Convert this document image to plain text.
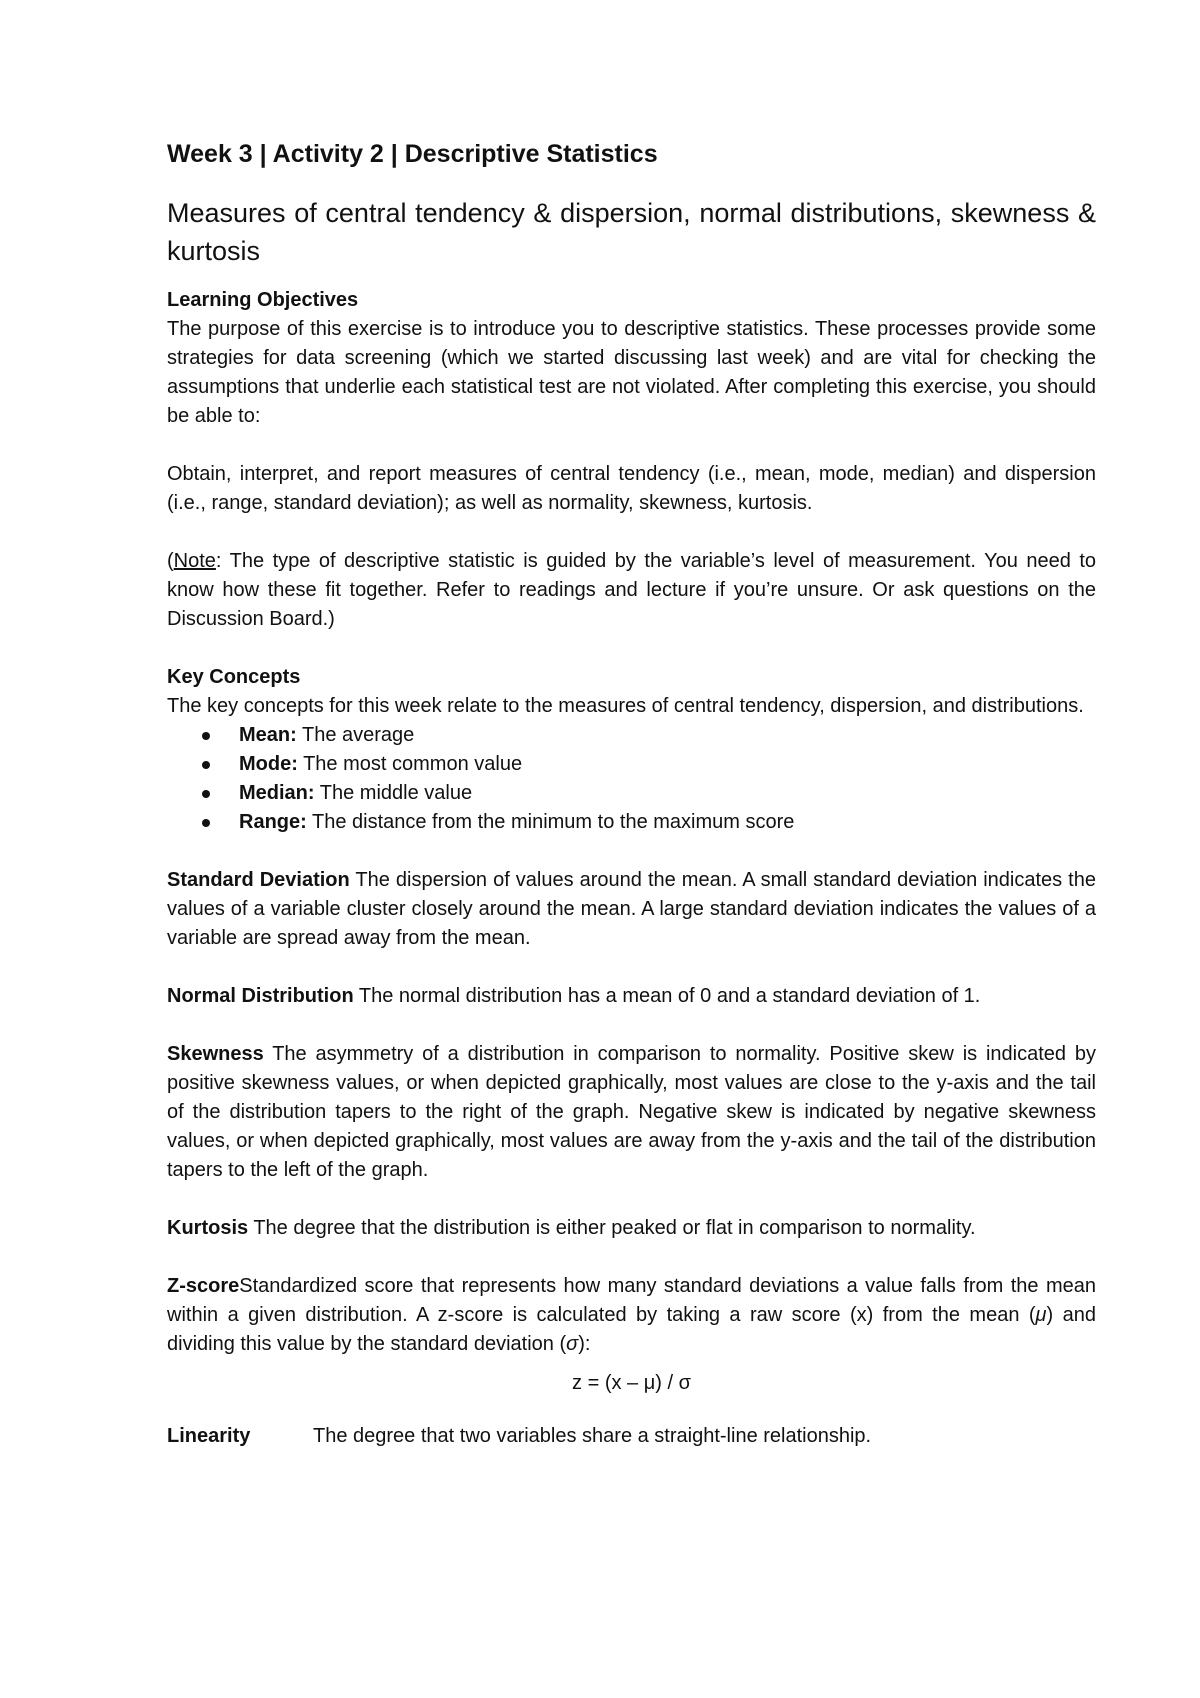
Week 3 | Activity 2 | Descriptive Statistics
Measures of central tendency & dispersion, normal distributions, skewness & kurtosis
Learning Objectives
The purpose of this exercise is to introduce you to descriptive statistics. These processes provide some strategies for data screening (which we started discussing last week) and are vital for checking the assumptions that underlie each statistical test are not violated. After completing this exercise, you should be able to:
Obtain, interpret, and report measures of central tendency (i.e., mean, mode, median) and dispersion (i.e., range, standard deviation); as well as normality, skewness, kurtosis.
(Note: The type of descriptive statistic is guided by the variable’s level of measurement. You need to know how these fit together. Refer to readings and lecture if you’re unsure. Or ask questions on the Discussion Board.)
Key Concepts
The key concepts for this week relate to the measures of central tendency, dispersion, and distributions.
Mean: The average
Mode: The most common value
Median: The middle value
Range: The distance from the minimum to the maximum score
Standard Deviation The dispersion of values around the mean. A small standard deviation indicates the values of a variable cluster closely around the mean. A large standard deviation indicates the values of a variable are spread away from the mean.
Normal Distribution The normal distribution has a mean of 0 and a standard deviation of 1.
Skewness The asymmetry of a distribution in comparison to normality. Positive skew is indicated by positive skewness values, or when depicted graphically, most values are close to the y-axis and the tail of the distribution tapers to the right of the graph. Negative skew is indicated by negative skewness values, or when depicted graphically, most values are away from the y-axis and the tail of the distribution tapers to the left of the graph.
Kurtosis The degree that the distribution is either peaked or flat in comparison to normality.
Z-scoreStandardized score that represents how many standard deviations a value falls from the mean within a given distribution. A z-score is calculated by taking a raw score (x) from the mean (μ) and dividing this value by the standard deviation (σ):
z = (x – μ) / σ
Linearity	The degree that two variables share a straight-line relationship.
